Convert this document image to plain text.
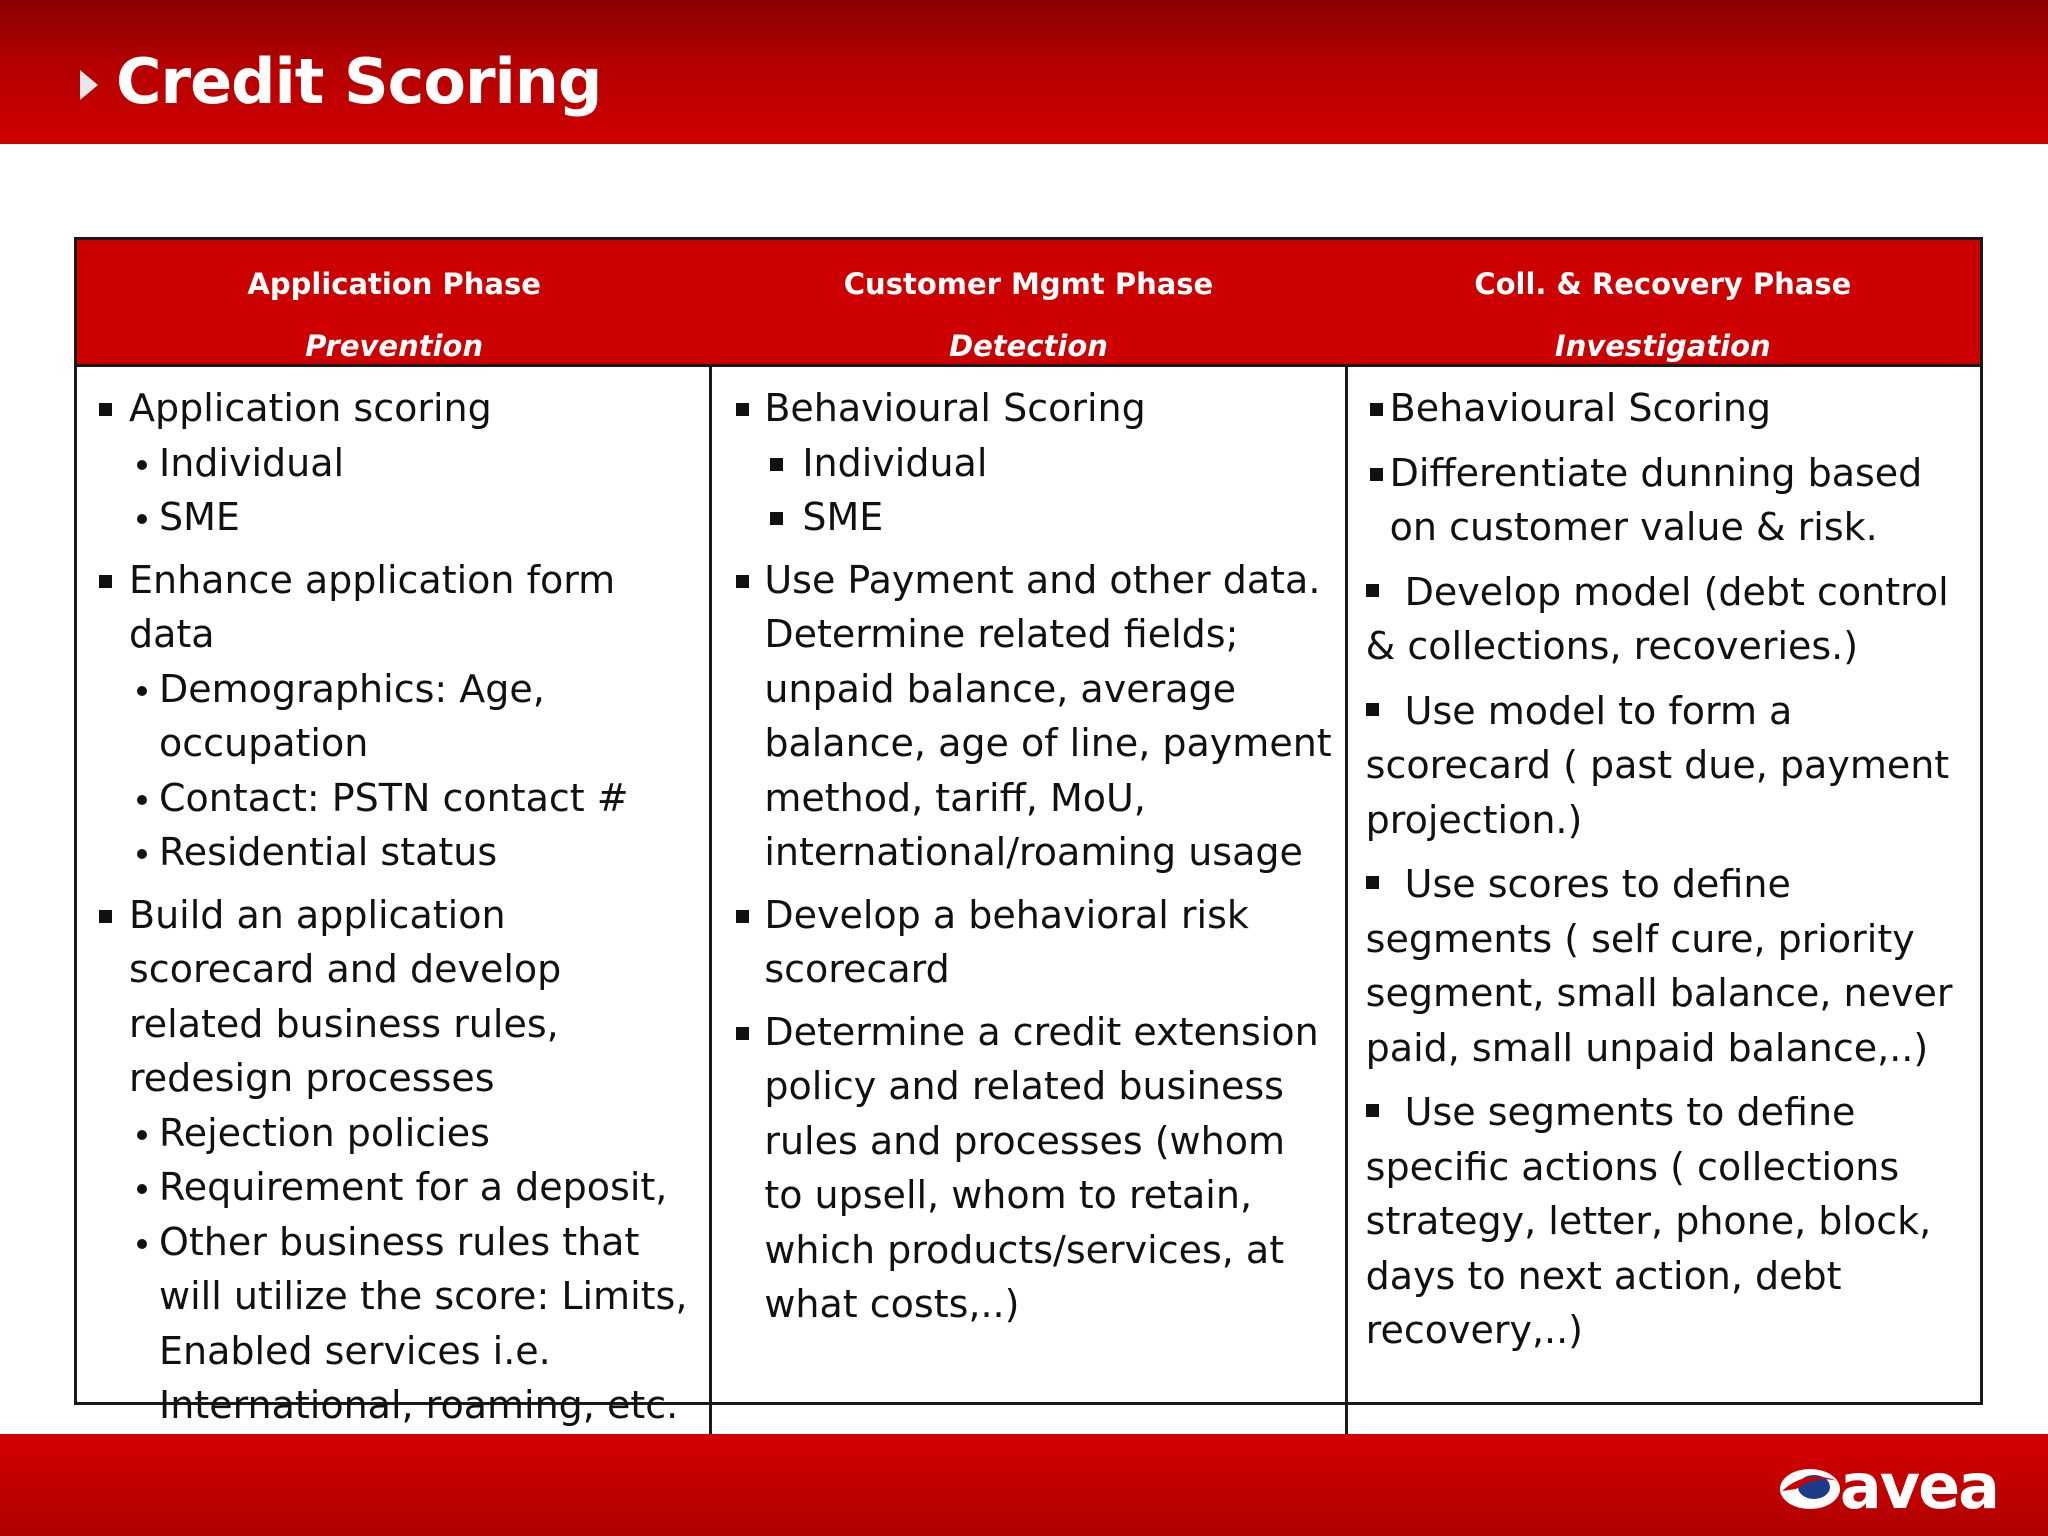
Credit Scoring
Application Phase
Prevention
Customer Mgmt Phase
Detection
Coll. & Recovery Phase
Investigation
Application scoring
Individual
SME
Enhance application form data
Demographics: Age, occupation
Contact: PSTN contact #
Residential status
Build an application scorecard and develop related business rules, redesign processes
Rejection policies
Requirement for a deposit,
Other business rules that will utilize the score: Limits, Enabled services i.e. International, roaming, etc.
Behavioural Scoring
Individual
SME
Use Payment and other data. Determine related fields; unpaid balance, average balance, age of line, payment method, tariff, MoU, international/roaming usage
Develop a behavioral risk scorecard
Determine a credit extension policy and related business rules and processes (whom to upsell, whom to retain, which products/services, at what costs,..)
Behavioural Scoring
Differentiate dunning based on customer value & risk.
Develop model (debt control & collections, recoveries.)
Use model to form a scorecard ( past due, payment projection.)
Use scores to define segments ( self cure, priority segment, small balance, never paid, small unpaid balance,..)
Use segments to define specific actions ( collections strategy, letter, phone, block, days to next action, debt recovery,..)
avea
